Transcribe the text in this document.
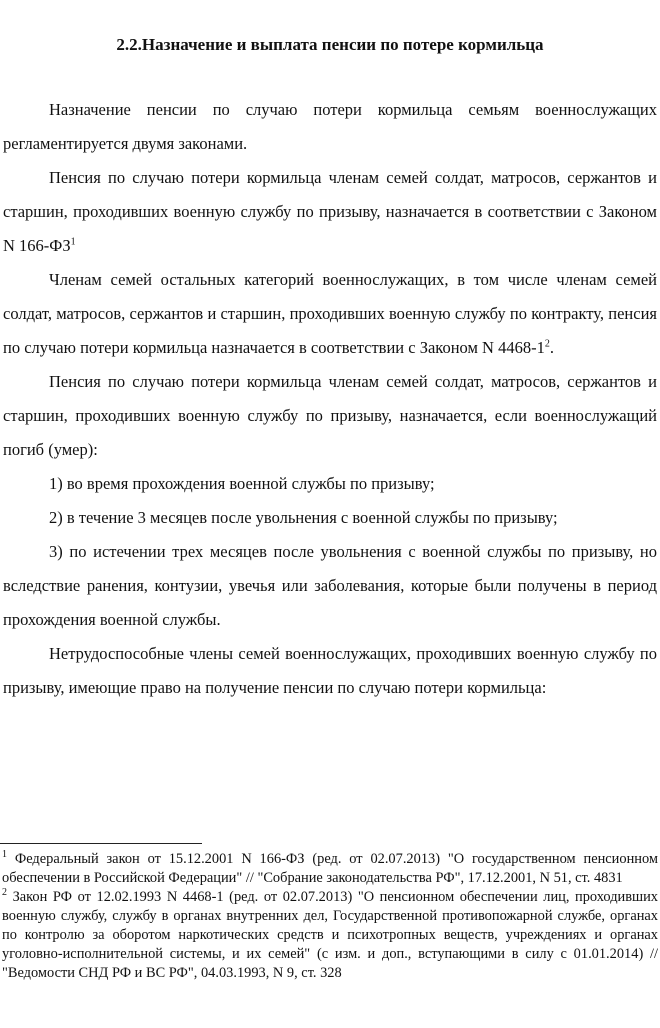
2.2.Назначение и выплата пенсии по потере кормильца

Назначение пенсии по случаю потери кормильца семьям военнослужащих регламентируется двумя законами.

Пенсия по случаю потери кормильца членам семей солдат, матросов, сержантов и старшин, проходивших военную службу по призыву, назначается в соответствии с Законом N $166-ФЗ^1$

Членам семей остальных категорий военнослужащих, в том числе членам семей солдат, матросов, сержантов и старшин, проходивших военную службу по контракту, пенсия по случаю потери кормильца назначается в соответствии с Законом N $4468-1^2$.

Пенсия по случаю потери кормильца членам семей солдат, матросов, сержантов и старшин, проходивших военную службу по призыву, назначается, если военнослужащий погиб (умер):

1) во время прохождения военной службы по призыву;

2) в течение 3 месяцев после увольнения с военной службы по призыву;

3) по истечении трех месяцев после увольнения с военной службы по призыву, но вследствие ранения, контузии, увечья или заболевания, которые были получены в период прохождения военной службы.

Нетрудоспособные члены семей военнослужащих, проходивших военную службу по призыву, имеющие право на получение пенсии по случаю потери кормильца:

$^1$ Федеральный закон от 15.12.2001 N 166-ФЗ (ред. от 02.07.2013) "О государственном пенсионном обеспечении в Российской Федерации" // "Собрание законодательства РФ", 17.12.2001, N 51, ст. 4831

$^2$ Закон РФ от 12.02.1993 N 4468-1 (ред. от 02.07.2013) "О пенсионном обеспечении лиц, проходивших военную службу, службу в органах внутренних дел, Государственной противопожарной службе, органах по контролю за оборотом наркотических средств и психотропных веществ, учреждениях и органах уголовно-исполнительной системы, и их семей" (с изм. и доп., вступающими в силу с 01.01.2014) // "Ведомости СНД РФ и ВС РФ", 04.03.1993, N 9, ст. 328
